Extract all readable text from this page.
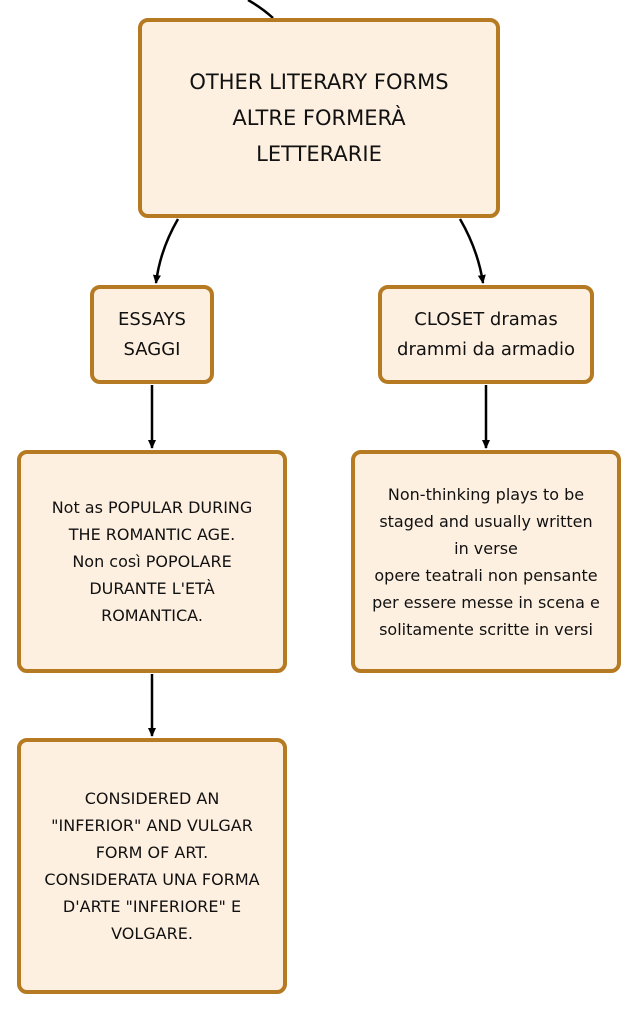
OTHER LITERARY FORMS
ALTRE FORMERÀ
LETTERARIE
ESSAYS
SAGGI
CLOSET dramas
drammi da armadio
Not as POPULAR DURING
THE ROMANTIC AGE.
Non così POPOLARE
DURANTE L'ETÀ
ROMANTICA.
Non-thinking plays to be
staged and usually written
in verse
opere teatrali non pensante
per essere messe in scena e
solitamente scritte in versi
CONSIDERED AN
"INFERIOR" AND VULGAR
FORM OF ART.
CONSIDERATA UNA FORMA
D'ARTE "INFERIORE" E
VOLGARE.
